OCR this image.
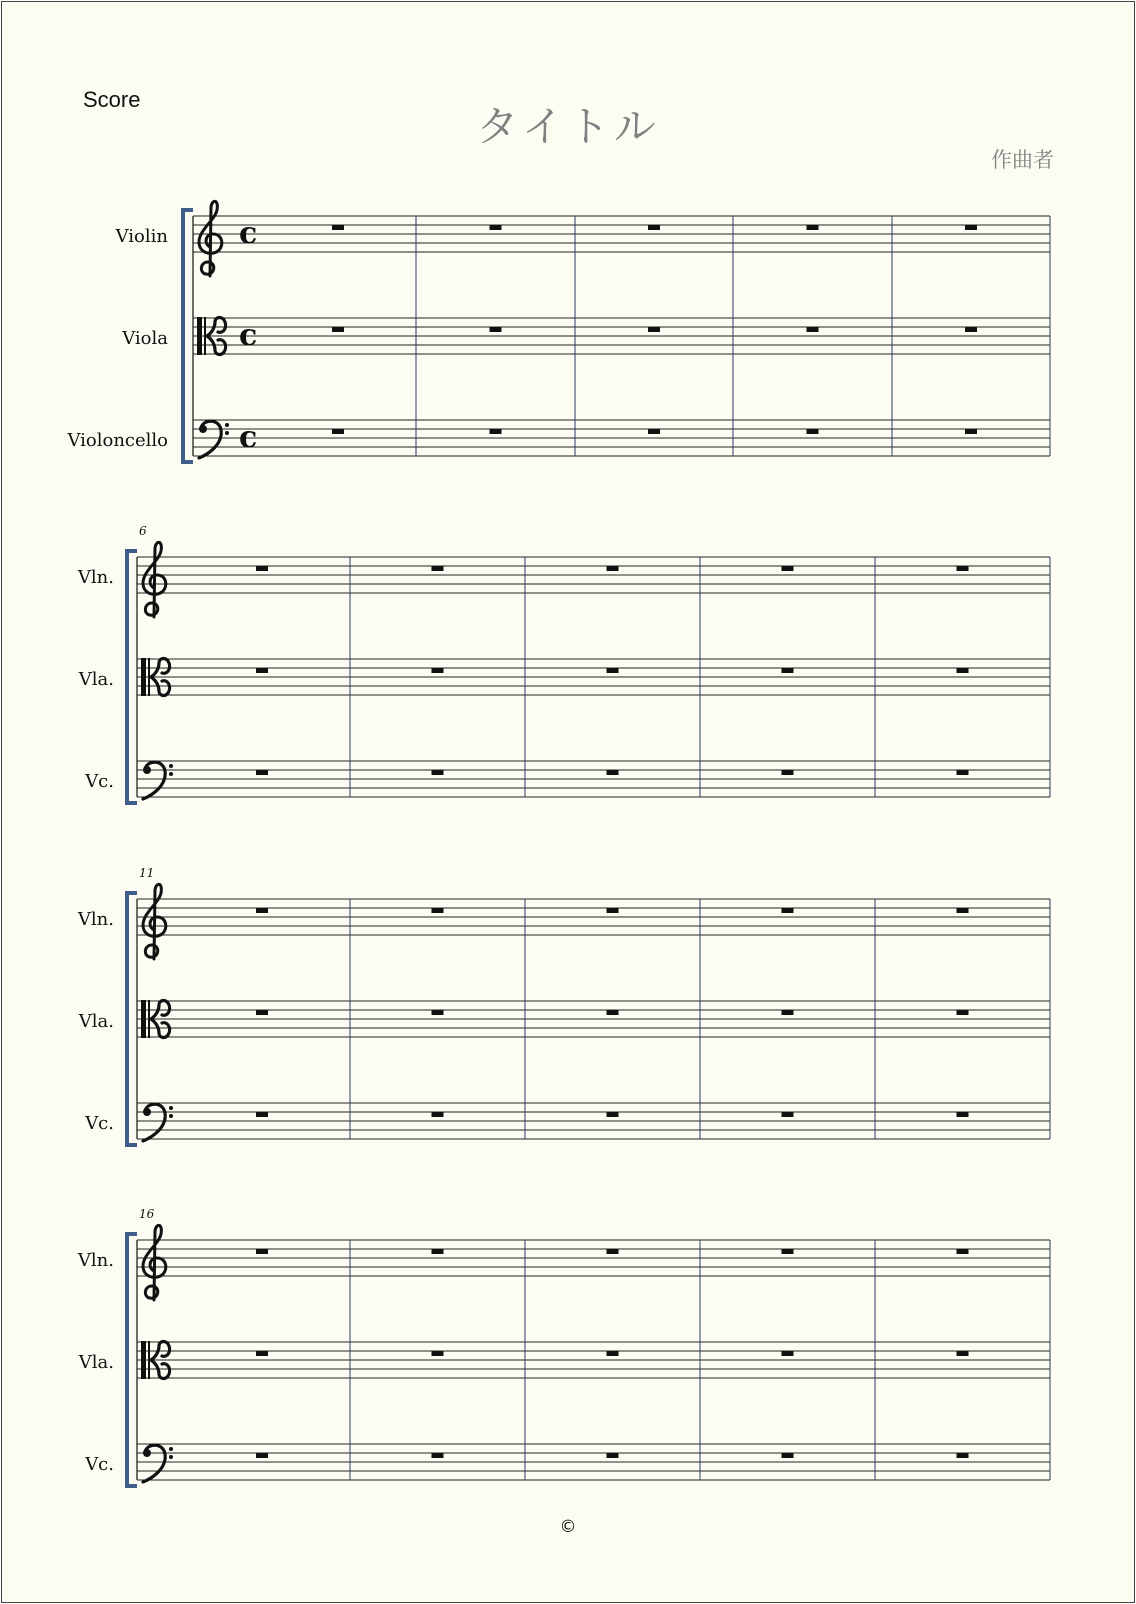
Score
タイトル
作曲者
Violin c
Viola c
Violoncello c
6
Vln.
Vla.
Vc.
11
Vln.
Vla.
Vc.
16
Vln.
Vla.
Vc.
©
